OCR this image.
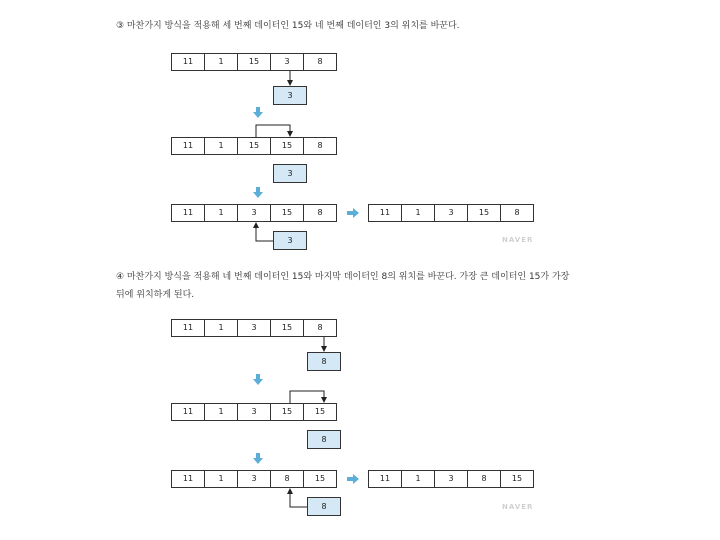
③ 마찬가지 방식을 적용해 세 번째 데이터인 15와 네 번째 데이터인 3의 위치를 바꾼다.

11	1	15	3	8
3
11	1	15	15	8
3
11	1	3	15	8	11	1	3	15	8
3	NAVER

④ 마찬가지 방식을 적용해 네 번째 데이터인 15와 마지막 데이터인 8의 위치를 바꾼다. 가장 큰 데이터인 15가 가장

뒤에 위치하게 된다.

11	1	3	15	8
8
11	1	3	15	15
8
11	1	3	8	15	11	1	3	8	15
8	NAVER
